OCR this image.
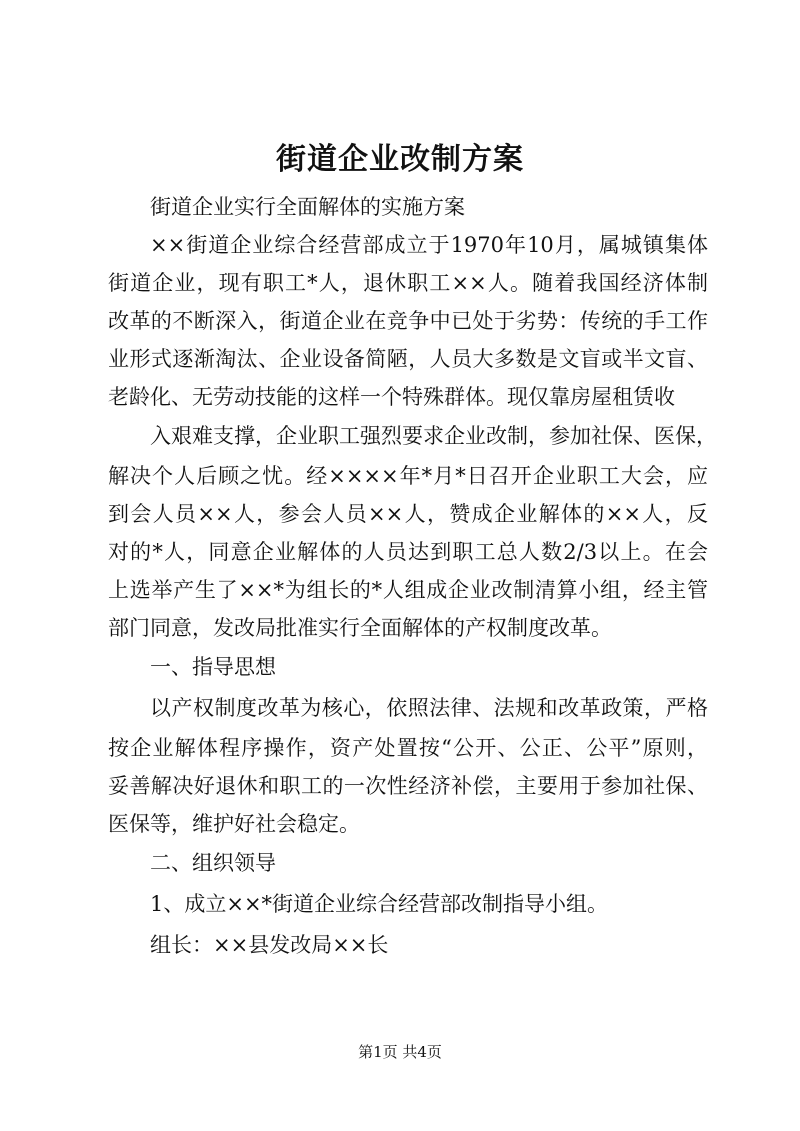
街道企业改制方案
街道企业实行全面解体的实施方案
××街道企业综合经营部成立于1970年10月，属城镇集体
街道企业，现有职工*人，退休职工××人。随着我国经济体制
改革的不断深入，街道企业在竞争中已处于劣势：传统的手工作
业形式逐渐淘汰、企业设备简陋，人员大多数是文盲或半文盲、
老龄化、无劳动技能的这样一个特殊群体。现仅靠房屋租赁收
入艰难支撑，企业职工强烈要求企业改制，参加社保、医保，
解决个人后顾之忧。经××××年*月*日召开企业职工大会，应
到会人员××人，参会人员××人，赞成企业解体的××人，反
对的*人，同意企业解体的人员达到职工总人数2/3以上。在会
上选举产生了××*为组长的*人组成企业改制清算小组，经主管
部门同意，发改局批准实行全面解体的产权制度改革。
一、指导思想
以产权制度改革为核心，依照法律、法规和改革政策，严格
按企业解体程序操作，资产处置按“公开、公正、公平”原则，
妥善解决好退休和职工的一次性经济补偿，主要用于参加社保、
医保等，维护好社会稳定。
二、组织领导
1、成立××*街道企业综合经营部改制指导小组。
组长：××县发改局××长
第1页 共4页
